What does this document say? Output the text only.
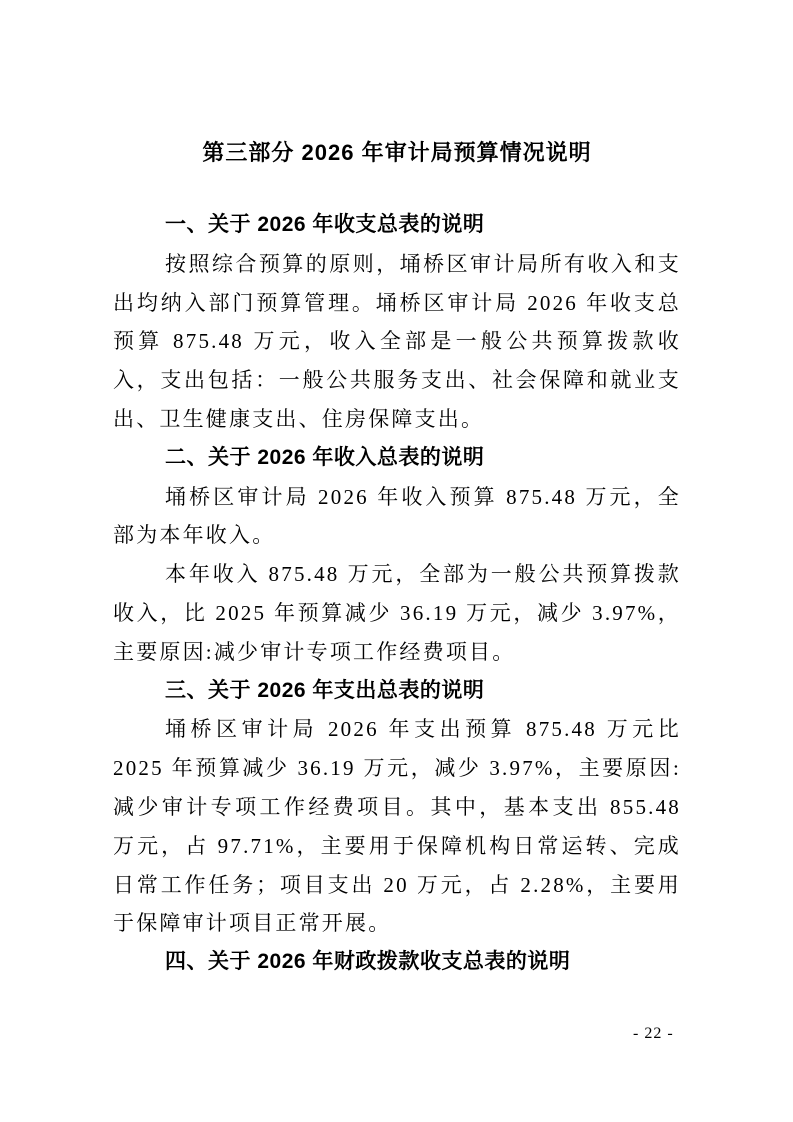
第三部分 2026 年审计局预算情况说明
一、关于 2026 年收支总表的说明

按照综合预算的原则，埇桥区审计局所有收入和支出均纳入部门预算管理。埇桥区审计局 2026 年收支总预算 875.48 万元，收入全部是一般公共预算拨款收入，支出包括：一般公共服务支出、社会保障和就业支出、卫生健康支出、住房保障支出。

二、关于 2026 年收入总表的说明

埇桥区审计局 2026 年收入预算 875.48 万元，全部为本年收入。

本年收入 875.48 万元，全部为一般公共预算拨款收入，比 2025 年预算减少 36.19 万元，减少 3.97%，主要原因:减少审计专项工作经费项目。

三、关于 2026 年支出总表的说明

埇桥区审计局 2026 年支出预算 875.48 万元比 2025 年预算减少 36.19 万元，减少 3.97%，主要原因:减少审计专项工作经费项目。其中，基本支出 855.48 万元，占 97.71%，主要用于保障机构日常运转、完成日常工作任务；项目支出 20 万元，占 2.28%，主要用于保障审计项目正常开展。

四、关于 2026 年财政拨款收支总表的说明
- 22 -
